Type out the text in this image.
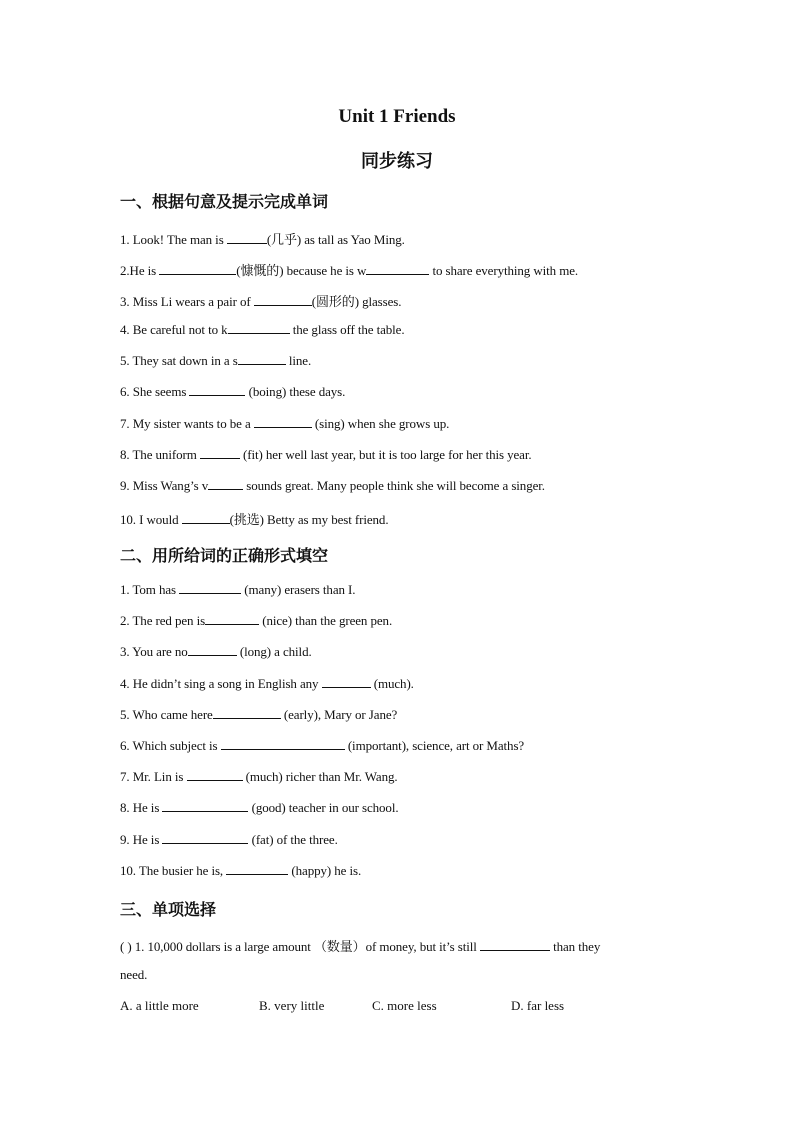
Unit 1 Friends
同步练习
一、根据句意及提示完成单词
1. Look! The man is	(几乎) as tall as Yao Ming.
2.He is	(慷慨的) because he is w	to share everything with me.
3. Miss Li wears a pair of	(圆形的) glasses.
4. Be careful not to k	the glass off the table.
5. They sat down in a s	line.
6. She seems	(boing) these days.
7. My sister wants to be a	(sing) when she grows up.
8. The uniform	(fit) her well last year, but it is too large for her this year.
9. Miss Wang’s v	sounds great. Many people think she will become a singer.
10. I would	(挑选) Betty as my best friend.
二、用所给词的正确形式填空
1. Tom has	(many) erasers than I.
2. The red pen is	(nice) than the green pen.
3. You are no	(long) a child.
4. He didn’t sing a song in English any	(much).
5. Who came here	(early), Mary or Jane?
6. Which subject is	(important), science, art or Maths?
7. Mr. Lin is	(much) richer than Mr. Wang.
8. He is	(good) teacher in our school.
9. He is	(fat) of the three.
10. The busier he is,	(happy) he is.
三、单项选择
( ) 1. 10,000 dollars is a large amount （数量）of money, but it’s still	than they
need.
A. a little more	B. very little	C. more less	D. far less
